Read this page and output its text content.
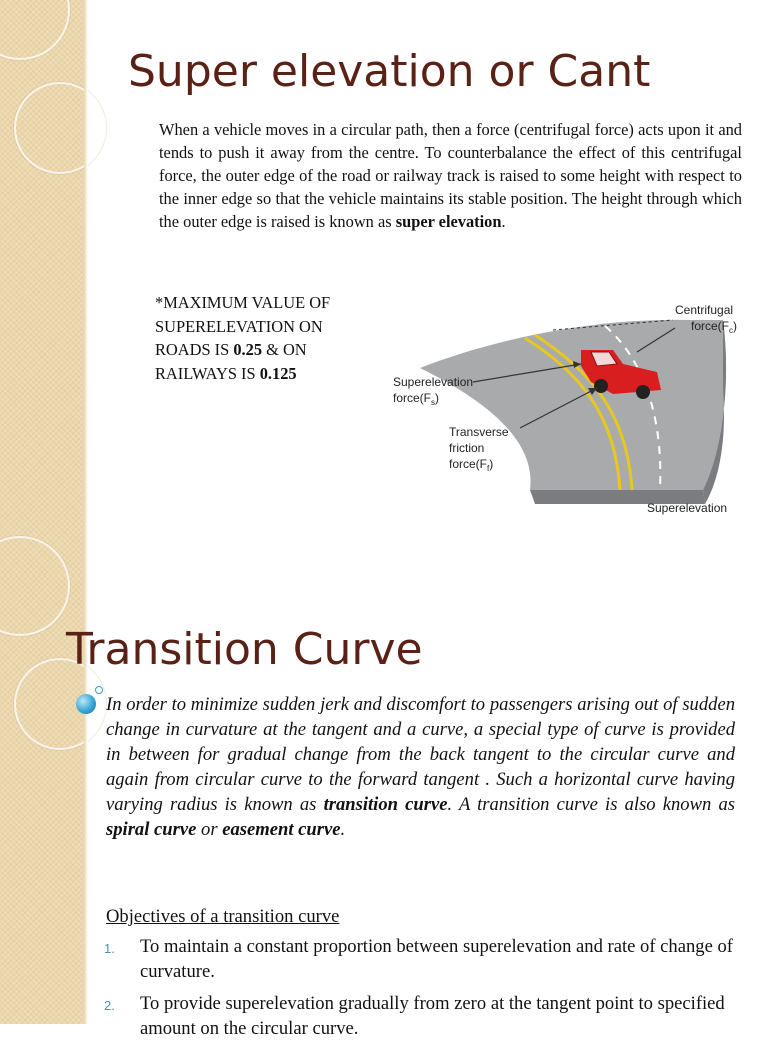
Super elevation or Cant

When a vehicle moves in a circular path, then a force (centrifugal force) acts upon it and tends to push it away from the centre. To counterbalance the effect of this centrifugal force, the outer edge of the road or railway track is raised to some height with respect to the inner edge so that the vehicle maintains its stable position. The height through which the outer edge is raised is known as super elevation.

*MAXIMUM VALUE OF SUPERELEVATION ON ROADS IS 0.25 & ON RAILWAYS IS 0.125

Centrifugal
$force(F_c)$
Superelevation
$force(F_s)$
Transverse
friction
$force(F_f)$
Superelevation
Transition Curve

In order to minimize sudden jerk and discomfort to passengers arising out of sudden change in curvature at the tangent and a curve, a special type of curve is provided in between for gradual change from the back tangent to the circular curve and again from circular curve to the forward tangent . Such a horizontal curve having varying radius is known as transition curve. A transition curve is also known as spiral curve or easement curve.

Objectives of a transition curve

1. To maintain a constant proportion between superelevation and rate of change of curvature.
2. To provide superelevation gradually from zero at the tangent point to specified amount on the circular curve.
